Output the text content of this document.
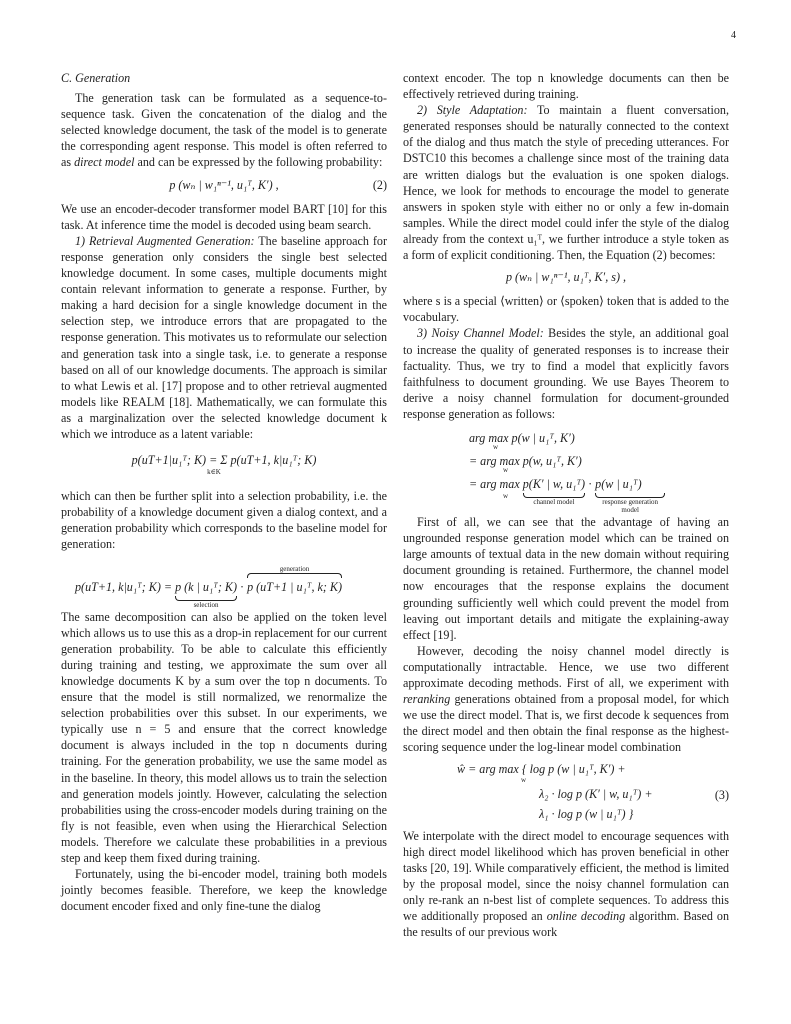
4
C. Generation

The generation task can be formulated as a sequence-to-sequence task. Given the concatenation of the dialog and the selected knowledge document, the task of the model is to generate the corresponding agent response. This model is often referred to as direct model and can be expressed by the following probability:

p (wₙ | w₁ⁿ⁻¹, u₁ᵀ, K′) ,	(2)

We use an encoder-decoder transformer model BART [10] for this task. At inference time the model is decoded using beam search.

1) Retrieval Augmented Generation: The baseline approach for response generation only considers the single best selected knowledge document. In some cases, multiple documents might contain relevant information to generate a response. Further, by making a hard decision for a single knowledge document in the selection step, we introduce errors that are propagated to the response generation. This motivates us to reformulate our selection and generation task into a single task, i.e. to generate a response based on all of our knowledge documents. The approach is similar to what Lewis et al. [17] propose and to other retrieval augmented models like REALM [18]. Mathematically, we can formulate this as a marginalization over the selected knowledge document k which we introduce as a latent variable:

p(uT+1|u₁ᵀ; K) = Σ p(uT+1, k|u₁ᵀ; K)
k∈K

which can then be further split into a selection probability, i.e. the probability of a knowledge document given a dialog context, and a generation probability which corresponds to the baseline model for generation:

p(uT+1, k|u₁ᵀ; K) = p (k | u₁ᵀ; K)
selection
·
generation
p (uT+1 | u₁ᵀ, k; K)

The same decomposition can also be applied on the token level which allows us to use this as a drop-in replacement for our current generation probability. To be able to calculate this efficiently during training and testing, we approximate the sum over all knowledge documents K by a sum over the top n documents. To ensure that the model is still normalized, we renormalize the selection probabilities over this subset. In our experiments, we typically use n = 5 and ensure that the correct knowledge document is always included in the top n documents during training. For the generation probability, we use the same model as in the baseline. In theory, this model allows us to train the selection and generation models jointly. However, calculating the selection probabilities using the cross-encoder models during training on the fly is not feasible, even when using the Hierarchical Selection models. Therefore we calculate these probabilities in a previous step and keep them fixed during training.

Fortunately, using the bi-encoder model, training both models jointly becomes feasible. Therefore, we keep the knowledge document encoder fixed and only fine-tune the dialog

context encoder. The top n knowledge documents can then be effectively retrieved during training.

2) Style Adaptation: To maintain a fluent conversation, generated responses should be naturally connected to the context of the dialog and thus match the style of preceding utterances. For DSTC10 this becomes a challenge since most of the training data are written dialogs but the evaluation is one spoken dialogs. Hence, we look for methods to encourage the model to generate answers in spoken style with either no or only a few in-domain samples. While the direct model could infer the style of the dialog already from the context u₁ᵀ, we further introduce a style token as a form of explicit conditioning. Then, the Equation (2) becomes:

p (wₙ | w₁ⁿ⁻¹, u₁ᵀ, K′, s) ,

where s is a special ⟨written⟩ or ⟨spoken⟩ token that is added to the vocabulary.

3) Noisy Channel Model: Besides the style, an additional goal to increase the quality of generated responses is to increase their factuality. Thus, we try to find a model that explicitly favors faithfulness to document grounding. We use Bayes Theorem to derive a noisy channel formulation for document-grounded response generation as follows:

arg max p(w | u₁ᵀ, K′)
w
= arg max p(w, u₁ᵀ, K′)
w
= arg max p(K′ | w, u₁ᵀ)
channel model
· p(w | u₁ᵀ)
response generation model
w

First of all, we can see that the advantage of having an ungrounded response generation model which can be trained on large amounts of textual data in the new domain without requiring document grounding is retained. Furthermore, the channel model now encourages that the response explains the document grounding sufficiently well which could prevent the model from leaving out important details and mitigate the explaining-away effect [19].

However, decoding the noisy channel model directly is computationally intractable. Hence, we use two different approximate decoding methods. First of all, we experiment with reranking generations obtained from a proposal model, for which we use the direct model. That is, we first decode k sequences from the direct model and then obtain the final response as the highest-scoring sequence under the log-linear model combination

ŵ = arg max { log p (w | u₁ᵀ, K′) +
w
λ₂ · log p (K′ | w, u₁ᵀ) +
λ₁ · log p (w | u₁ᵀ) }
(3)

We interpolate with the direct model to encourage sequences with high direct model likelihood which has proven beneficial in other tasks [20, 19]. While comparatively efficient, the method is limited by the proposal model, since the noisy channel formulation can only re-rank an n-best list of complete sequences. To address this we additionally proposed an online decoding algorithm. Based on the results of our previous work
